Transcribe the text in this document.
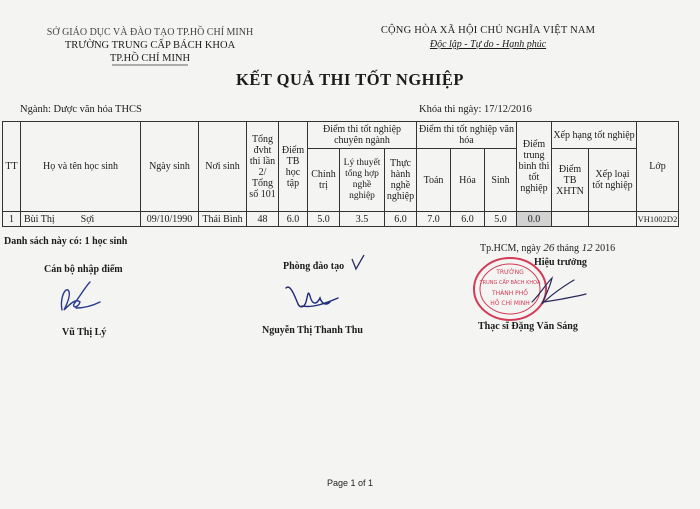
SỞ GIÁO DỤC VÀ ĐÀO TẠO TP.HỒ CHÍ MINH
TRƯỜNG TRUNG CẤP BÁCH KHOA
TP.HỒ CHÍ MINH
CỘNG HÒA XÃ HỘI CHỦ NGHĨA VIỆT NAM
Độc lập - Tự do - Hạnh phúc
KẾT QUẢ THI TỐT NGHIỆP
Ngành: Dược văn hóa THCS	Khóa thi ngày: 17/12/2016
TT	Họ và tên học sinh	Ngày sinh	Nơi sinh	Tổng đvht thi lần 2/ Tổng số 101	Điểm TB học tập	Điểm thi tốt nghiệp chuyên ngành			Điểm thi tốt nghiệp văn hóa			Điểm trung bình thi tốt nghiệp	Xếp hạng tốt nghiệp		Lớp
						Chính trị	Lý thuyết tổng hợp nghề nghiệp	Thực hành nghề nghiệp	Toán	Hóa	Sinh		Điểm TB XHTN	Xếp loại tốt nghiệp	
1	Bùi Thị Sợi	09/10/1990	Thái Bình	48	6.0	5.0	3.5	6.0	7.0	6.0	5.0	0.0			VH1002D2
Danh sách này có: 1 học sinh
Cán bộ nhập điểm
Vũ Thị Lý
Phòng đào tạo
Nguyễn Thị Thanh Thu
Tp.HCM, ngày 26 tháng 12 2016
Hiệu trưởng
TRƯỜNG
TRUNG CẤP BÁCH KHOA
THÀNH PHỐ
HỒ CHÍ MINH
Thạc sĩ Đặng Văn Sáng
Page 1 of 1
